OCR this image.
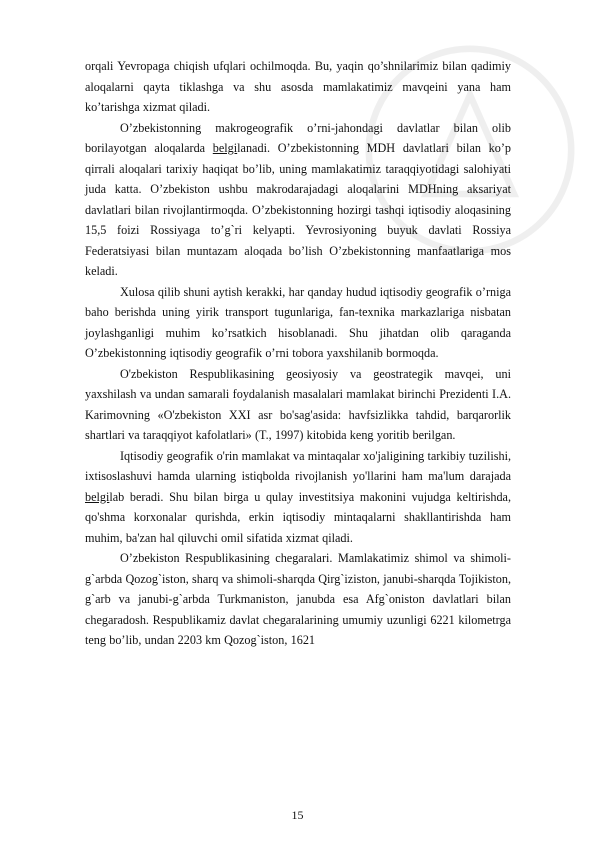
orqali Yevropaga chiqish ufqlari ochilmoqda. Bu, yaqin qo’shnilarimiz bilan qadimiy aloqalarni qayta tiklashga va shu asosda mamlakatimiz mavqeini yana ham ko’tarishga xizmat qiladi.

O’zbekistonning makrogeografik o’rni-jahondagi davlatlar bilan olib borilayotgan aloqalarda belgilanadi. O’zbekistonning MDH davlatlari bilan ko’p qirrali aloqalari tarixiy haqiqat bo’lib, uning mamlakatimiz taraqqiyotidagi salohiyati juda katta. O’zbekiston ushbu makrodarajadagi aloqalarini MDHning aksariyat davlatlari bilan rivojlantirmoqda. O’zbekistonning hozirgi tashqi iqtisodiy aloqasining 15,5 foizi Rossiyaga to’g`ri kelyapti. Yevrosiyoning buyuk davlati Rossiya Federatsiyasi bilan muntazam aloqada bo’lish O’zbekistonning manfaatlariga mos keladi.

Xulosa qilib shuni aytish kerakki, har qanday hudud iqtisodiy geografik o’rniga baho berishda uning yirik transport tugunlariga, fan-texnika markazlariga nisbatan joylashganligi muhim ko’rsatkich hisoblanadi. Shu jihatdan olib qaraganda O’zbekistonning iqtisodiy geografik o’rni tobora yaxshilanib bormoqda.

O'zbekiston Respublikasining geosiyosiy va geostrategik mavqei, uni yaxshilash va undan samarali foydalanish masalalari mamlakat birinchi Prezidenti I.A. Karimovning «O'zbekiston XXI asr bo'sag'asida: havfsizlikka tahdid, barqarorlik shartlari va taraqqiyot kafolatlari» (T., 1997) kitobida keng yoritib berilgan.

Iqtisodiy geografik o'rin mamlakat va mintaqalar xo'jaligining tarkibiy tuzilishi, ixtisoslashuvi hamda ularning istiqbolda rivojlanish yo'llarini ham ma'lum darajada belgilab beradi. Shu bilan birga u qulay investitsiya makonini vujudga keltirishda, qo'shma korxonalar qurishda, erkin iqtisodiy mintaqalarni shakllantirishda ham muhim, ba'zan hal qiluvchi omil sifatida xizmat qiladi.

O’zbekiston Respublikasining chegaralari. Mamlakatimiz shimol va shimoli-g`arbda Qozog`iston, sharq va shimoli-sharqda Qirg`iziston, janubi-sharqda Tojikiston, g`arb va janubi-g`arbda Turkmaniston, janubda esa Afg`oniston davlatlari bilan chegaradosh. Respublikamiz davlat chegaralarining umumiy uzunligi 6221 kilometrga teng bo’lib, undan 2203 km Qozog`iston, 1621

15
